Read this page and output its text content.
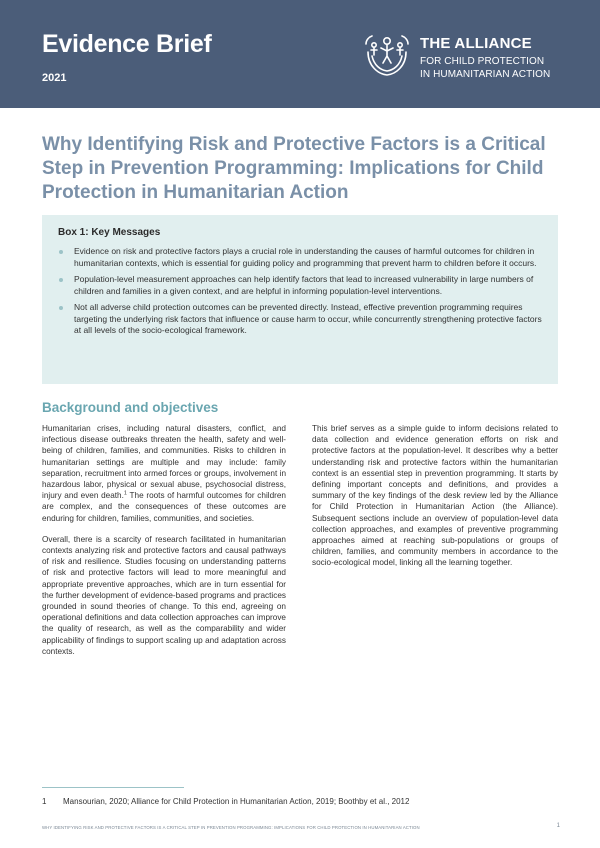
Evidence Brief
2021
THE ALLIANCE
FOR CHILD PROTECTION
IN HUMANITARIAN ACTION
Why Identifying Risk and Protective Factors is a Critical Step in Prevention Programming: Implications for Child Protection in Humanitarian Action
Box 1: Key Messages
Evidence on risk and protective factors plays a crucial role in understanding the causes of harmful outcomes for children in humanitarian contexts, which is essential for guiding policy and programming that prevent harm to children before it occurs.
Population-level measurement approaches can help identify factors that lead to increased vulnerability in large numbers of children and families in a given context, and are helpful in informing population-level interventions.
Not all adverse child protection outcomes can be prevented directly. Instead, effective prevention programming requires targeting the underlying risk factors that influence or cause harm to occur, while concurrently strengthening protective factors at all levels of the socio-ecological framework.
Background and objectives

Humanitarian crises, including natural disasters, conflict, and infectious disease outbreaks threaten the health, safety and well-being of children, families, and communities. Risks to children in humanitarian settings are multiple and may include: family separation, recruitment into armed forces or groups, involvement in hazardous labor, physical or sexual abuse, psychosocial distress, injury and even death.$^1$ The roots of harmful outcomes for children are complex, and the consequences of these outcomes are enduring for children, families, communities, and societies.

Overall, there is a scarcity of research facilitated in humanitarian contexts analyzing risk and protective factors and causal pathways of risk and resilience. Studies focusing on understanding patterns of risk and protective factors will lead to more meaningful and appropriate preventive approaches, which are in turn essential for the further development of evidence-based programs and practices grounded in sound theories of change. To this end, agreeing on operational definitions and data collection approaches can improve the quality of research, as well as the comparability and wider applicability of findings to support scaling up and adaptation across contexts.

This brief serves as a simple guide to inform decisions related to data collection and evidence generation efforts on risk and protective factors at the population-level. It describes why a better understanding risk and protective factors within the humanitarian context is an essential step in prevention programming. It starts by defining important concepts and definitions, and provides a summary of the key findings of the desk review led by the Alliance for Child Protection in Humanitarian Action (the Alliance). Subsequent sections include an overview of population-level data collection approaches, and examples of preventive programming approaches aimed at reaching sub-populations or groups of children, families, and community members in accordance to the socio-ecological model, linking all the learning together.

1 Mansourian, 2020; Alliance for Child Protection in Humanitarian Action, 2019; Boothby et al., 2012
WHY IDENTIFYING RISK AND PROTECTIVE FACTORS IS A CRITICAL STEP IN PREVENTION PROGRAMMING: IMPLICATIONS FOR CHILD PROTECTION IN HUMANITARIAN ACTION	1
